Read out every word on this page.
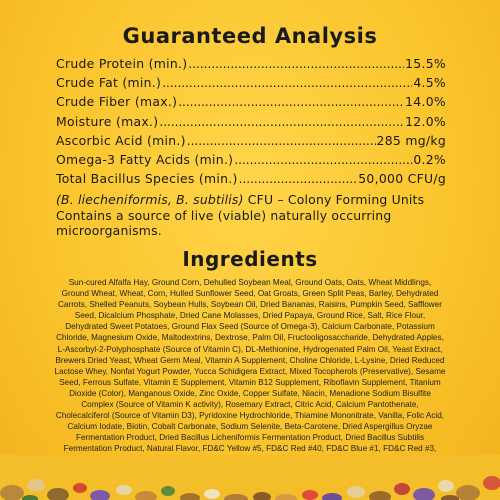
Guaranteed Analysis
Crude Protein (min.) .....	15.5%
Crude Fat (min.) .....	4.5%
Crude Fiber (max.) .....	14.0%
Moisture (max.) .....	12.0%
Ascorbic Acid (min.) .....	285 mg/kg
Omega-3 Fatty Acids (min.) .....	0.2%
Total Bacillus Species (min.) .....	50,000 CFU/g
(B. liecheniformis, B. subtilis) CFU – Colony Forming Units
Contains a source of live (viable) naturally occurring microorganisms.
Ingredients
Sun-cured Alfalfa Hay, Ground Corn, Dehulled Soybean Meal, Ground Oats, Oats, Wheat Middlings, Ground Wheat, Wheat, Corn, Hulled Sunflower Seed, Oat Groats, Green Split Peas, Barley, Dehydrated Carrots, Shelled Peanuts, Soybean Hulls, Soybean Oil, Dried Bananas, Raisins, Pumpkin Seed, Safflower Seed, Dicalcium Phosphate, Dried Cane Molasses, Dried Papaya, Ground Rice, Salt, Rice Flour, Dehydrated Sweet Potatoes, Ground Flax Seed (Source of Omega-3), Calcium Carbonate, Potassium Chloride, Magnesium Oxide, Maltodextrins, Dextrose, Palm Oil, Fructooligosaccharide, Dehydrated Apples, L-Ascorbyl-2-Polyphosphate (Source of Vitamin C), DL-Methionine, Hydrogenated Palm Oil, Yeast Extract, Brewers Dried Yeast, Wheat Germ Meal, Vitamin A Supplement, Choline Chloride, L-Lysine, Dried Reduced Lactose Whey, Nonfat Yogurt Powder, Yucca Schidigera Extract, Mixed Tocopherols (Preservative), Sesame Seed, Ferrous Sulfate, Vitamin E Supplement, Vitamin B12 Supplement, Riboflavin Supplement, Titanium Dioxide (Color), Manganous Oxide, Zinc Oxide, Copper Sulfate, Niacin, Menadione Sodium Bisulfite Complex (Source of Vitamin K activity), Rosemary Extract, Citric Acid, Calcium Pantothenate, Cholecalciferol (Source of Vitamin D3), Pyridoxine Hydrochloride, Thiamine Mononitrate, Vanilla, Folic Acid, Calcium Iodate, Biotin, Cobalt Carbonate, Sodium Selenite, Beta-Carotene, Dried Aspergillus Oryzae Fermentation Product, Dried Bacillus Licheniformis Fermentation Product, Dried Bacillus Subtilis Fermentation Product, Natural Flavor, FD&C Yellow #5, FD&C Red #40, FD&C Blue #1, FD&C Red #3,
